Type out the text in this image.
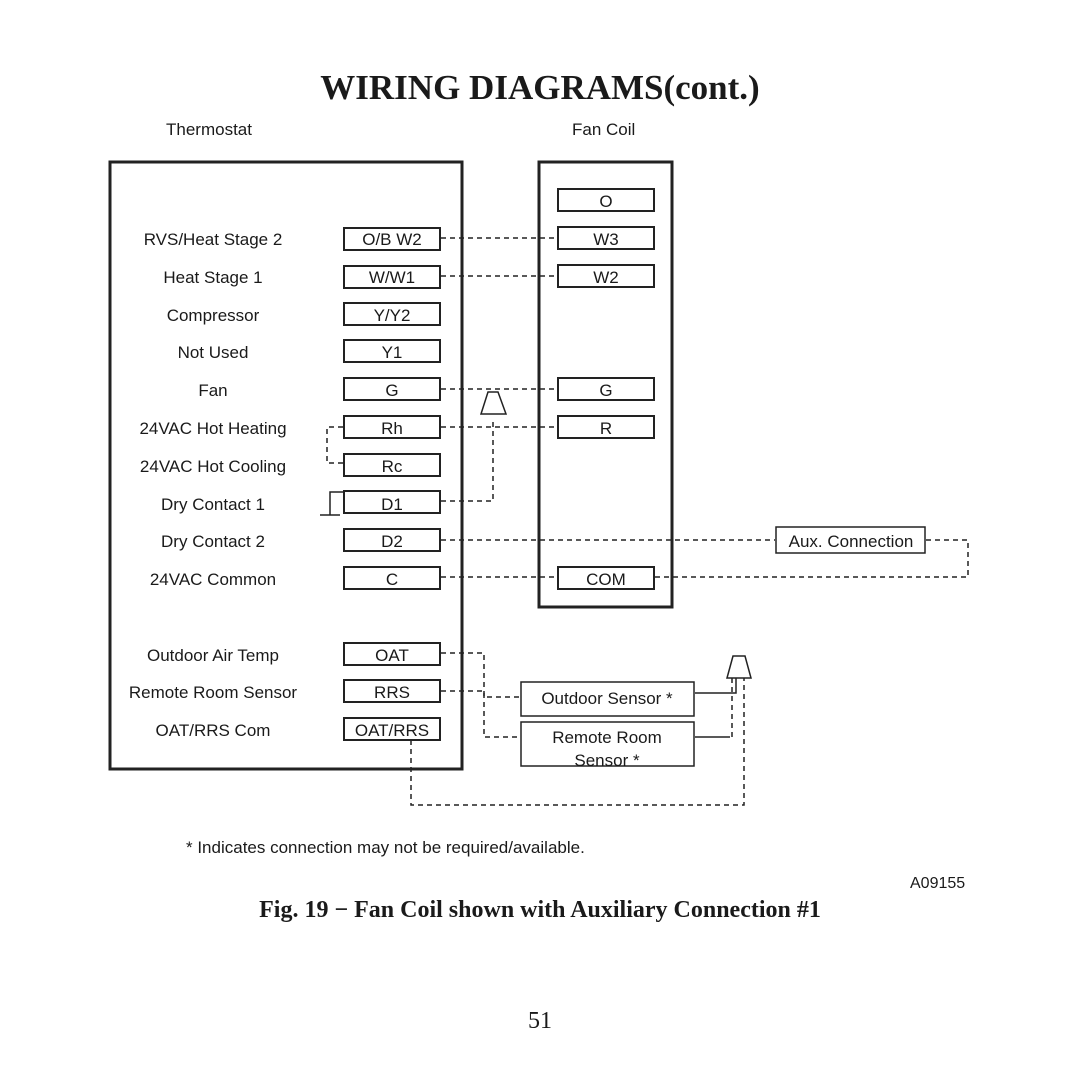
WIRING DIAGRAMS(cont.)
Thermostat	Fan Coil
RVS/Heat Stage 2
Heat Stage 1
Compressor
Not Used
Fan
24VAC Hot Heating
24VAC Hot Cooling
Dry Contact 1
Dry Contact 2
24VAC Common
Outdoor Air Temp
Remote Room Sensor
OAT/RRS Com
O/B W2
W/W1
Y/Y2
Y1
G
Rh
Rc
D1
D2
C
OAT
RRS
OAT/RRS
O
W3
W2
G
R
COM
Aux. Connection
Outdoor Sensor *
Remote Room
Sensor *
* Indicates connection may not be required/available.
A09155
Fig. 19 − Fan Coil shown with Auxiliary Connection #1
51
